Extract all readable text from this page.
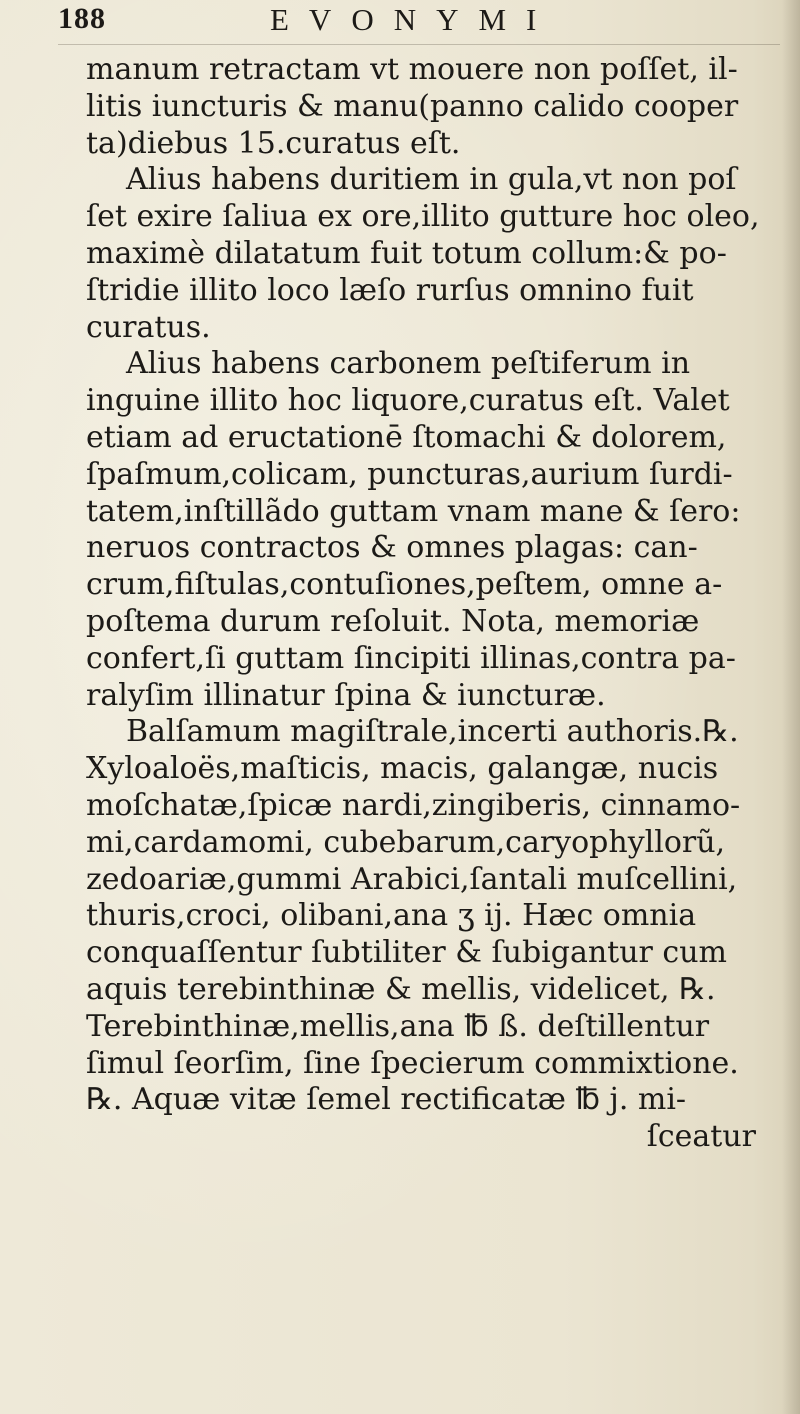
188	EVONYMI
manum retractam vt mouere non poſſet, il-
litis iuncturis & manu(panno calido cooper
ta)diebus 15.curatus eſt.
Alius habens duritiem in gula,vt non poſ
ſet exire ſaliua ex ore,illito gutture hoc oleo,
maximè dilatatum fuit totum collum:& po-
ſtridie illito loco læſo rurſus omnino fuit
curatus.
Alius habens carbonem peſtiferum in
inguine illito hoc liquore,curatus eſt. Valet
etiam ad eructationē ſtomachi & dolorem,
ſpaſmum,colicam, puncturas,aurium ſurdi-
tatem,inſtillãdo guttam vnam mane & ſero:
neruos contractos & omnes plagas: can-
crum,fiſtulas,contuſiones,peſtem, omne a-
poſtema durum reſoluit. Nota, memoriæ
confert,ſi guttam ſincipiti illinas,contra pa-
ralyſim illinatur ſpina & iuncturæ.
Balſamum magiſtrale,incerti authoris.℞.
Xyloaloës,maſticis, macis, galangæ, nucis
moſchatæ,ſpicæ nardi,zingiberis, cinnamo-
mi,cardamomi, cubebarum,caryophyllorũ,
zedoariæ,gummi Arabici,ſantali muſcellini,
thuris,croci, olibani,ana ʒ ij. Hæc omnia
conquaſſentur ſubtiliter & ſubigantur cum
aquis terebinthinæ & mellis, videlicet, ℞.
Terebinthinæ,mellis,ana ℔ ß. deſtillentur
ſimul ſeorſim, ſine ſpecierum commixtione.
℞. Aquæ vitæ ſemel rectificatæ ℔ j. mi-
ſceatur
